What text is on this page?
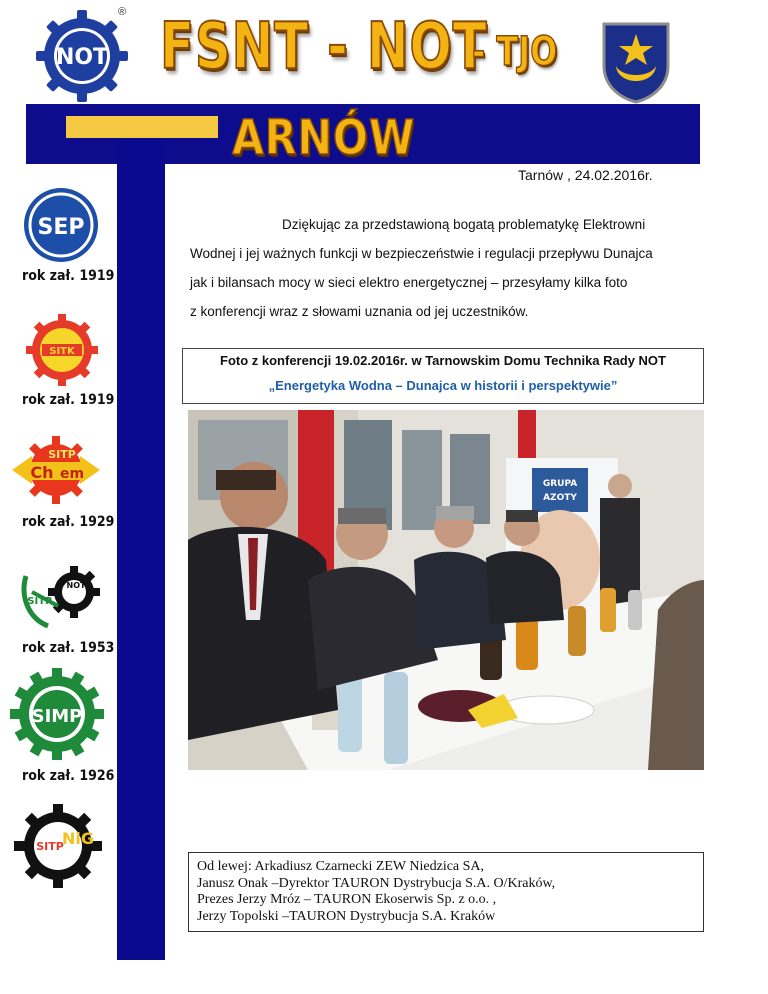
NOT
® FSNT - NOT
- TJO
ARNÓW
Tarnów , 24.02.2016r.
SEP
rok zał. 1919
SITK
rok zał. 1919
SITP
Ch em
rok zał. 1929
NOT
SITR
rok zał. 1953
SIMP
rok zał. 1926
SITP
NiG
Dziękując za przedstawioną bogatą problematykę Elektrowni
Wodnej i jej ważnych funkcji w bezpieczeństwie i regulacji przepływu Dunajca
jak i bilansach mocy w sieci elektro energetycznej – przesyłamy kilka foto
z konferencji wraz z słowami uznania od jej uczestników.
Foto z konferencji 19.02.2016r. w Tarnowskim Domu Technika Rady NOT
„Energetyka Wodna – Dunajca w historii i perspektywie”
GRUPA
AZOTY
Od lewej: Arkadiusz Czarnecki ZEW Niedzica SA,
Janusz Onak –Dyrektor TAURON Dystrybucja S.A. O/Kraków,
Prezes Jerzy Mróz – TAURON Ekoserwis Sp. z o.o. ,
Jerzy Topolski –TAURON Dystrybucja S.A. Kraków
